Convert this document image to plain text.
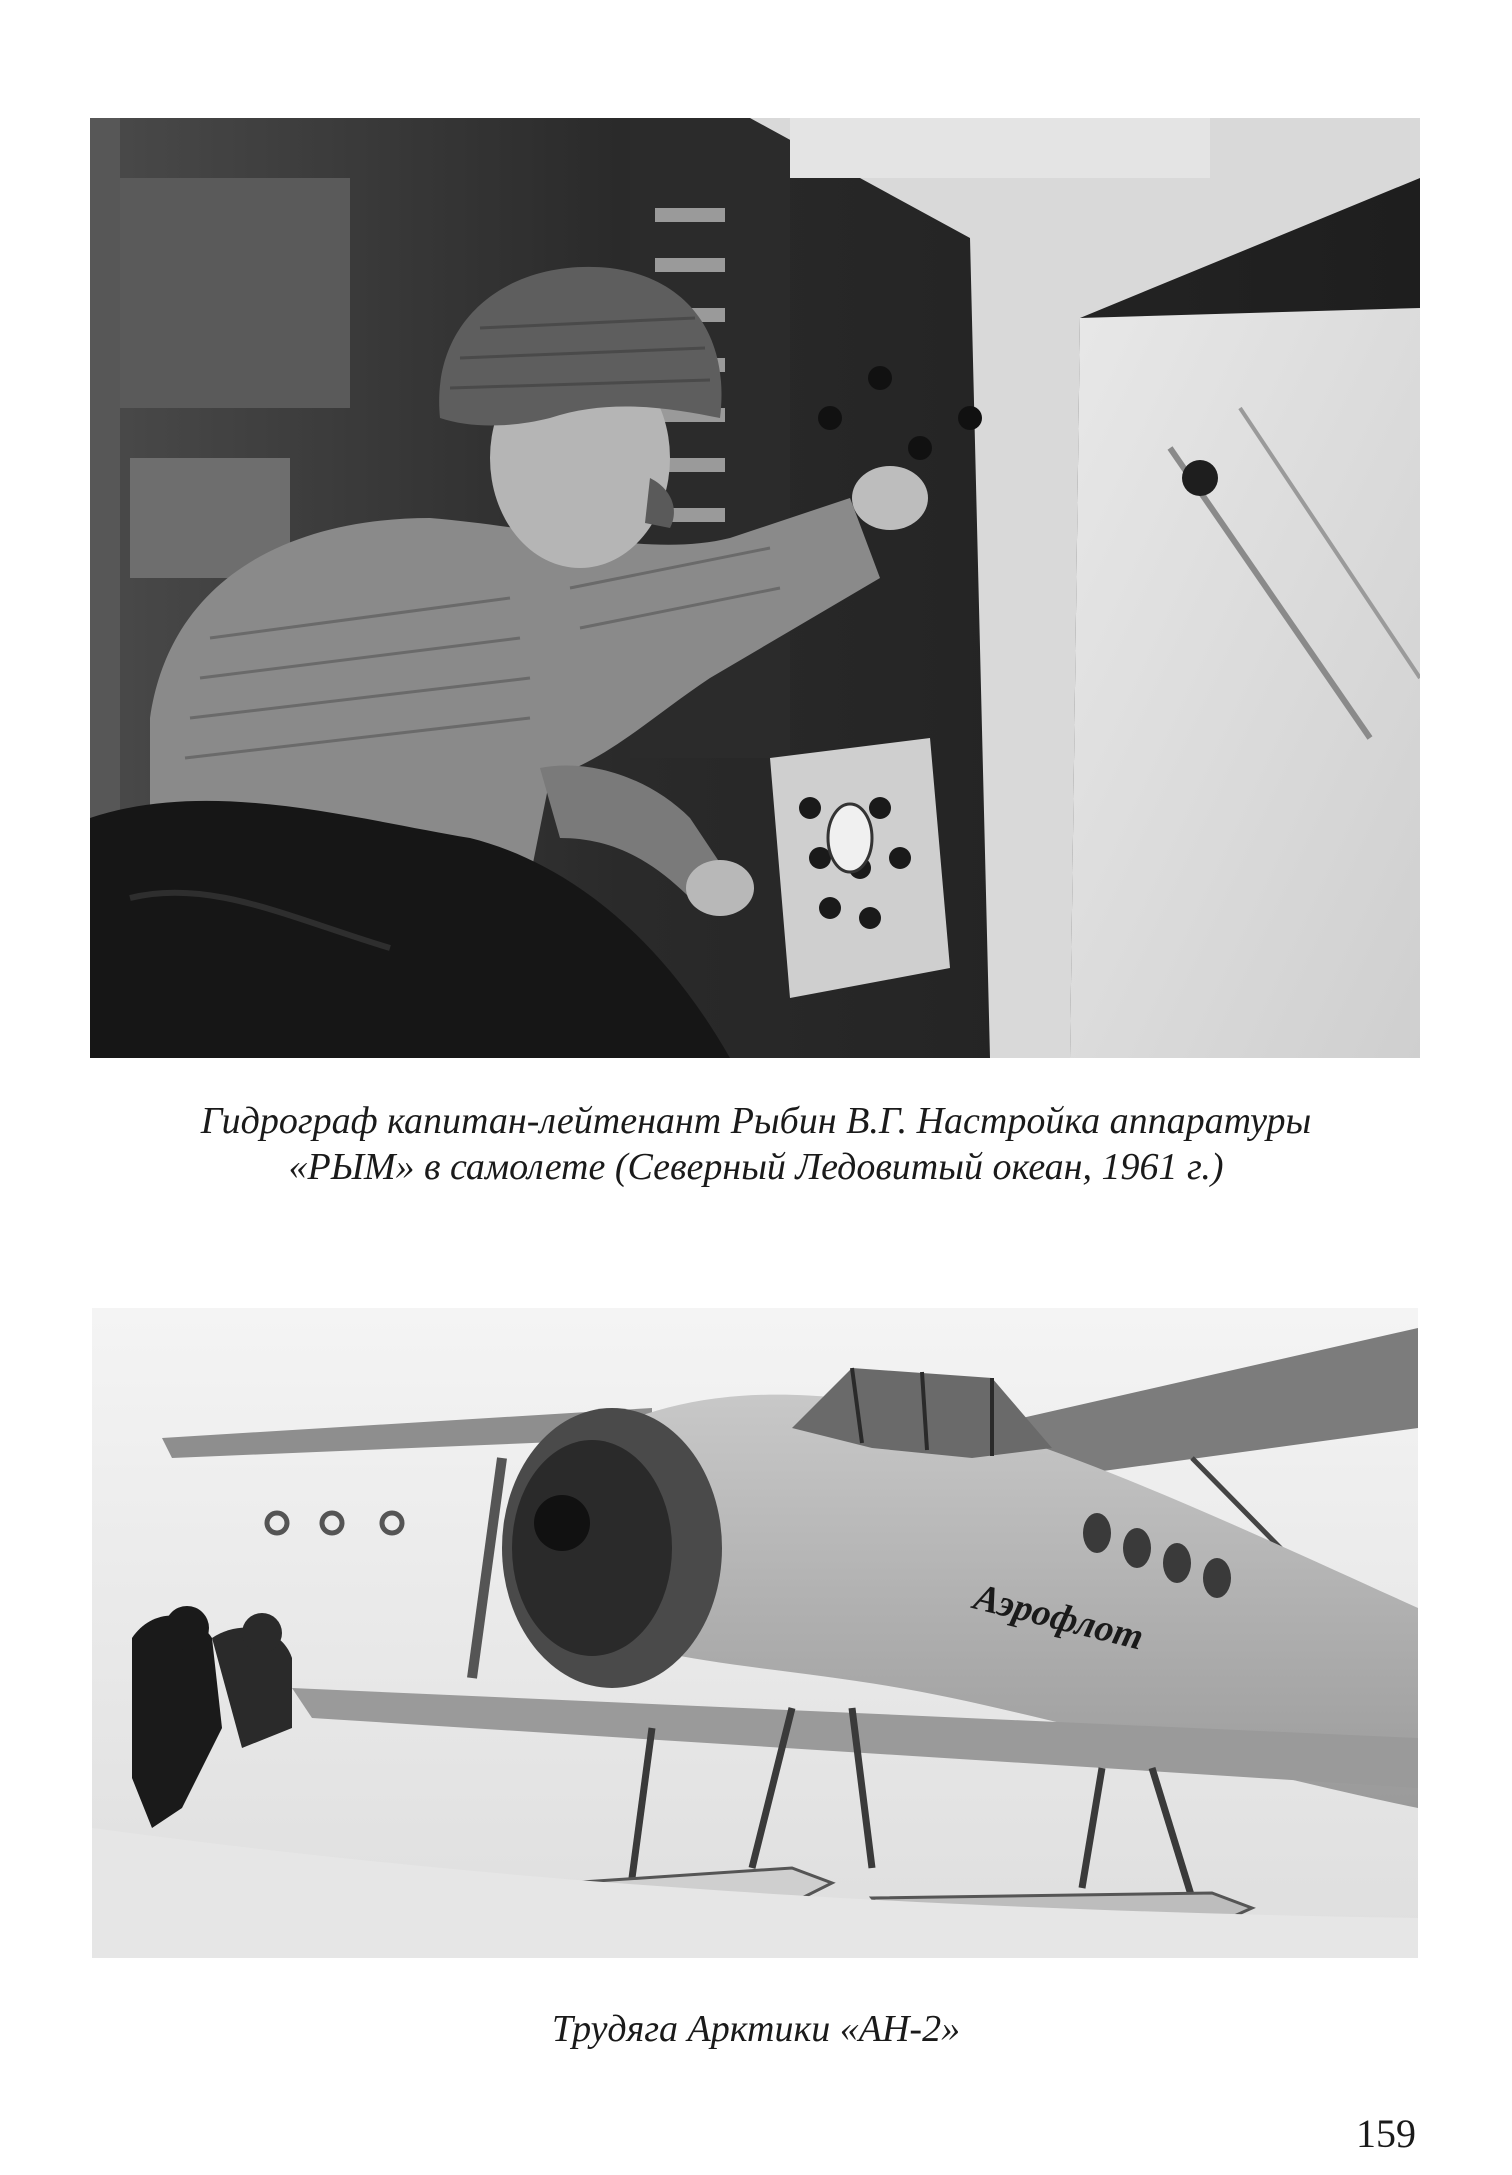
Гидрограф капитан-лейтенант Рыбин В.Г. Настройка аппаратуры
«РЫМ» в самолете (Северный Ледовитый океан, 1961 г.)
Аэрофлот
Трудяга Арктики «АН-2»
159
